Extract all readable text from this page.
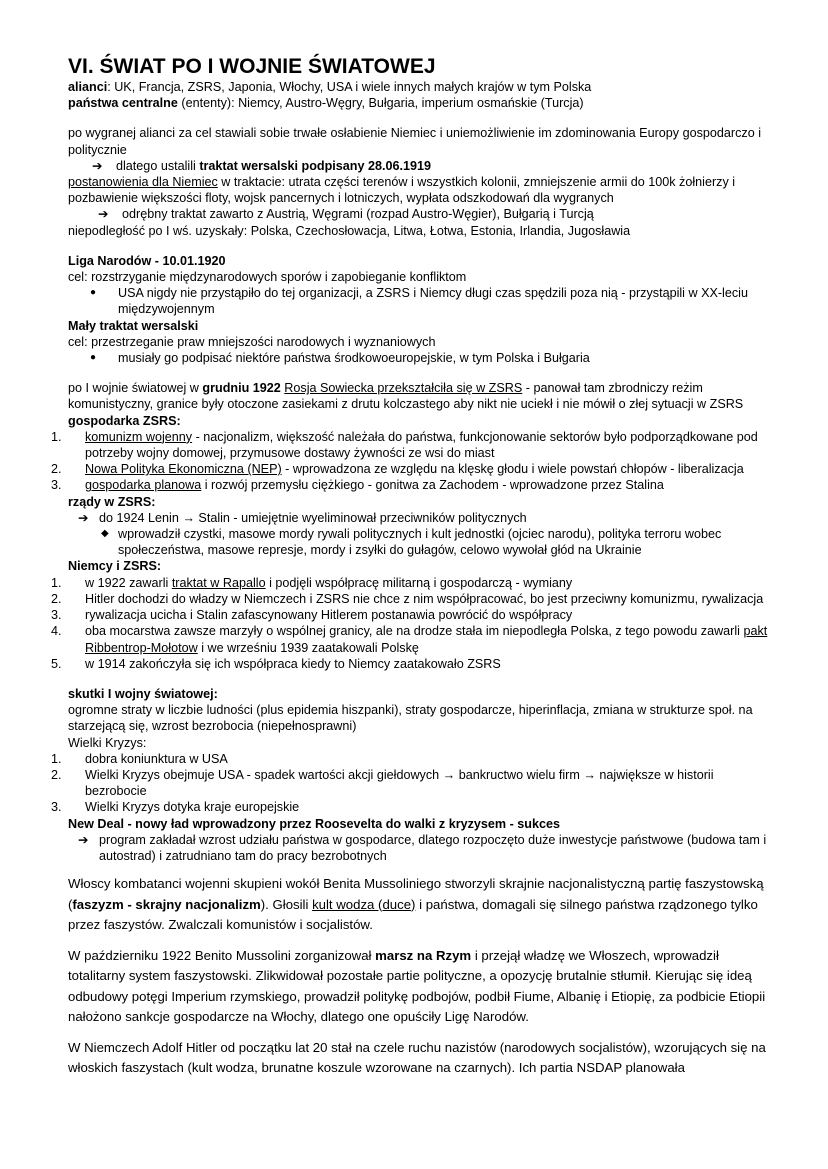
VI. ŚWIAT PO I WOJNIE ŚWIATOWEJ

alianci: UK, Francja, ZSRS, Japonia, Włochy, USA i wiele innych małych krajów w tym Polska

państwa centralne (ententy): Niemcy, Austro-Węgry, Bułgaria, imperium osmańskie (Turcja)

po wygranej alianci za cel stawiali sobie trwałe osłabienie Niemiec i uniemożliwienie im zdominowania Europy gospodarczo i politycznie

➔	dlatego ustalili traktat wersalski podpisany 28.06.1919

postanowienia dla Niemiec w traktacie: utrata części terenów i wszystkich kolonii, zmniejszenie armii do 100k żołnierzy i pozbawienie większości floty, wojsk pancernych i lotniczych, wypłata odszkodowań dla wygranych

➔	odrębny traktat zawarto z Austrią, Węgrami (rozpad Austro-Węgier), Bułgarią i Turcją

niepodległość po I wś. uzyskały: Polska, Czechosłowacja, Litwa, Łotwa, Estonia, Irlandia, Jugosławia

Liga Narodów - 10.01.1920

cel: rozstrzyganie międzynarodowych sporów i zapobieganie konfliktom

● USA nigdy nie przystąpiło do tej organizacji, a ZSRS i Niemcy długi czas spędzili poza nią - przystąpili w XX-leciu międzywojennym

Mały traktat wersalski

cel: przestrzeganie praw mniejszości narodowych i wyznaniowych

● musiały go podpisać niektóre państwa środkowoeuropejskie, w tym Polska i Bułgaria

po I wojnie światowej w grudniu 1922 Rosja Sowiecka przekształciła się w ZSRS - panował tam zbrodniczy reżim komunistyczny, granice były otoczone zasiekami z drutu kolczastego aby nikt nie uciekł i nie mówił o złej sytuacji w ZSRS

gospodarka ZSRS:

1.	komunizm wojenny - nacjonalizm, większość należała do państwa, funkcjonowanie sektorów było podporządkowane pod potrzeby wojny domowej, przymusowe dostawy żywności ze wsi do miast
2.	Nowa Polityka Ekonomiczna (NEP) - wprowadzona ze względu na klęskę głodu i wiele powstań chłopów - liberalizacja
3.	gospodarka planowa i rozwój przemysłu ciężkiego - gonitwa za Zachodem - wprowadzone przez Stalina

rządy w ZSRS:

➔ do 1924 Lenin → Stalin - umiejętnie wyeliminował przeciwników politycznych

◆ wprowadził czystki, masowe mordy rywali politycznych i kult jednostki (ojciec narodu), polityka terroru wobec społeczeństwa, masowe represje, mordy i zsyłki do gułagów, celowo wywołał głód na Ukrainie

Niemcy i ZSRS:

1.	w 1922 zawarli traktat w Rapallo i podjęli współpracę militarną i gospodarczą - wymiany
2.	Hitler dochodzi do władzy w Niemczech i ZSRS nie chce z nim współpracować, bo jest przeciwny komunizmu, rywalizacja
3.	rywalizacja ucicha i Stalin zafascynowany Hitlerem postanawia powrócić do współpracy
4.	oba mocarstwa zawsze marzyły o wspólnej granicy, ale na drodze stała im niepodległa Polska, z tego powodu zawarli pakt Ribbentrop-Mołotow i we wrześniu 1939 zaatakowali Polskę
5.	w 1914 zakończyła się ich współpraca kiedy to Niemcy zaatakowało ZSRS

skutki I wojny światowej:

ogromne straty w liczbie ludności (plus epidemia hiszpanki), straty gospodarcze, hiperinflacja, zmiana w strukturze społ. na starzejącą się, wzrost bezrobocia (niepełnosprawni)

Wielki Kryzys:

1.	dobra koniunktura w USA
2.	Wielki Kryzys obejmuje USA - spadek wartości akcji giełdowych → bankructwo wielu firm → największe w historii bezrobocie
3.	Wielki Kryzys dotyka kraje europejskie

New Deal - nowy ład wprowadzony przez Roosevelta do walki z kryzysem - sukces

➔ program zakładał wzrost udziału państwa w gospodarce, dlatego rozpoczęto duże inwestycje państwowe (budowa tam i autostrad) i zatrudniano tam do pracy bezrobotnych

Włoscy kombatanci wojenni skupieni wokół Benita Mussoliniego stworzyli skrajnie nacjonalistyczną partię faszystowską (faszyzm - skrajny nacjonalizm). Głosili kult wodza (duce) i państwa, domagali się silnego państwa rządzonego tylko przez faszystów. Zwalczali komunistów i socjalistów.

W październiku 1922 Benito Mussolini zorganizował marsz na Rzym i przejął władzę we Włoszech, wprowadził totalitarny system faszystowski. Zlikwidował pozostałe partie polityczne, a opozycję brutalnie stłumił. Kierując się ideą odbudowy potęgi Imperium rzymskiego, prowadził politykę podbojów, podbił Fiume, Albanię i Etiopię, za podbicie Etiopii nałożono sankcje gospodarcze na Włochy, dlatego one opuściły Ligę Narodów.

W Niemczech Adolf Hitler od początku lat 20 stał na czele ruchu nazistów (narodowych socjalistów), wzorujących się na włoskich faszystach (kult wodza, brunatne koszule wzorowane na czarnych). Ich partia NSDAP planowała
